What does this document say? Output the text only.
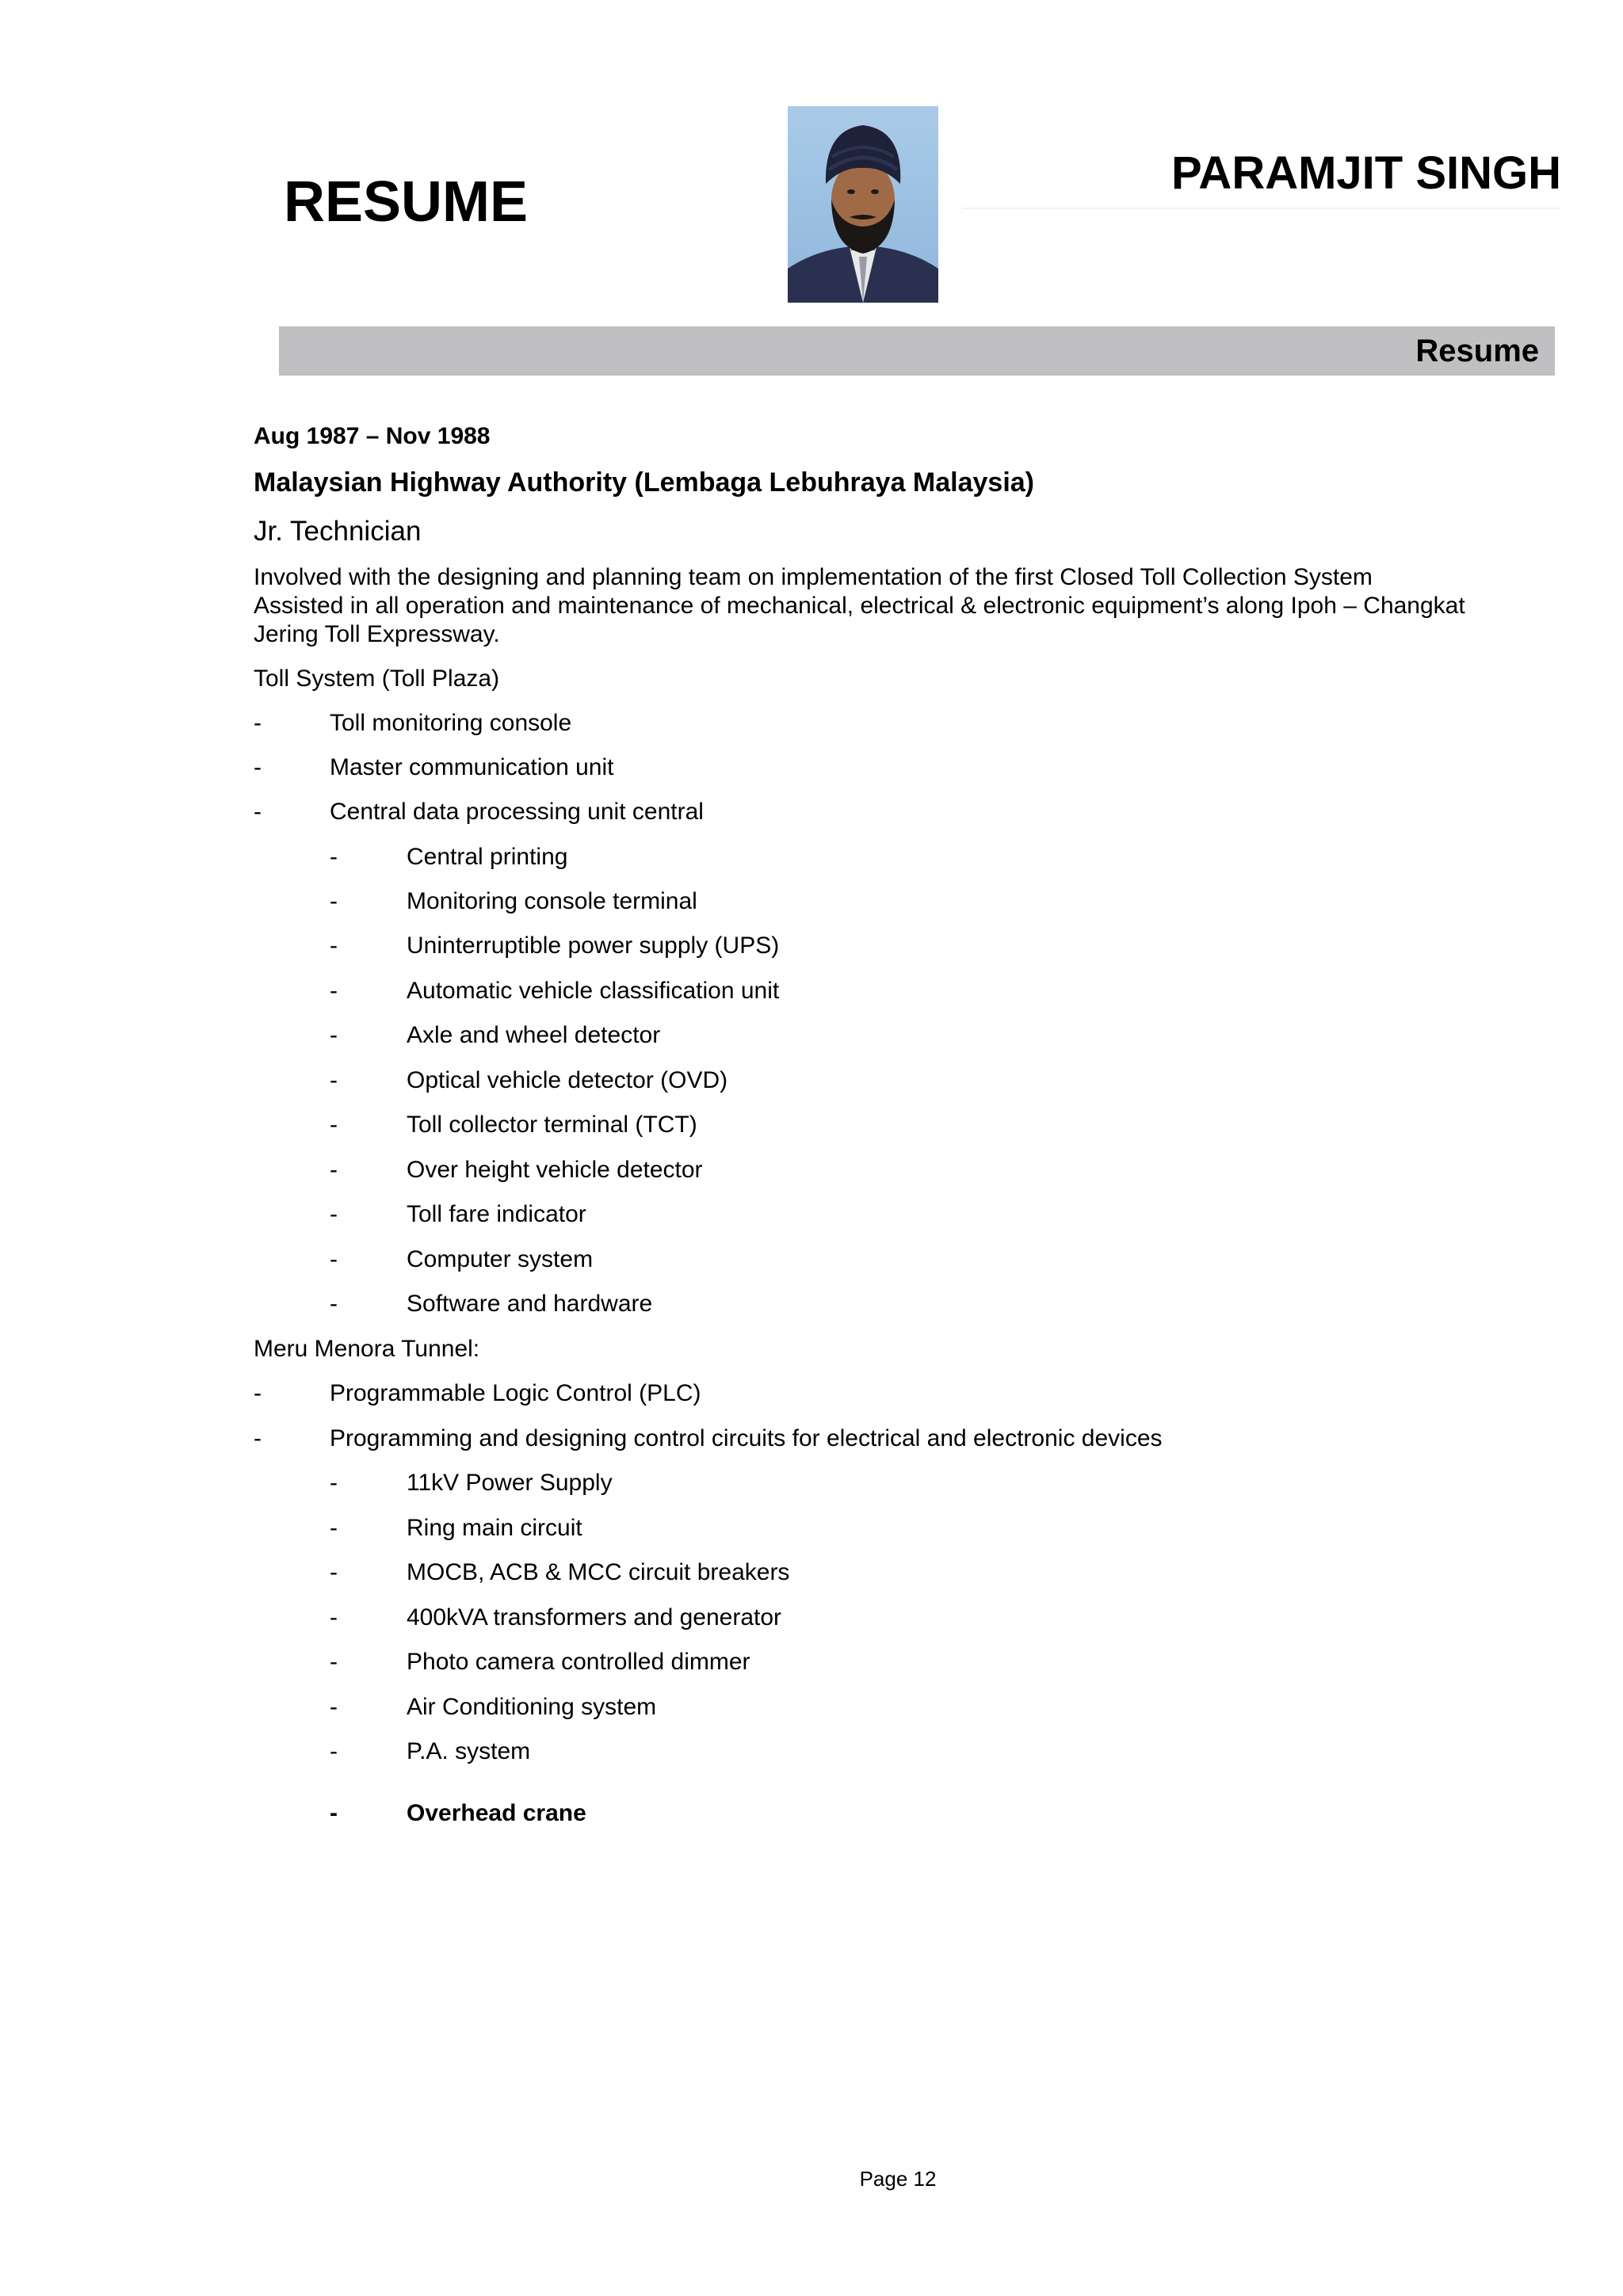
RESUME	PARAMJIT SINGH
Resume
Aug 1987 – Nov 1988
Malaysian Highway Authority (Lembaga Lebuhraya Malaysia)
Jr. Technician
Involved with the designing and planning team on implementation of the first Closed Toll Collection System
Assisted in all operation and maintenance of mechanical, electrical & electronic equipment’s along Ipoh – Changkat
Jering Toll Expressway.
Toll System (Toll Plaza)
-	Toll monitoring console
-	Master communication unit
-	Central data processing unit central
-	Central printing
-	Monitoring console terminal
-	Uninterruptible power supply (UPS)
-	Automatic vehicle classification unit
-	Axle and wheel detector
-	Optical vehicle detector (OVD)
-	Toll collector terminal (TCT)
-	Over height vehicle detector
-	Toll fare indicator
-	Computer system
-	Software and hardware
Meru Menora Tunnel:
-	Programmable Logic Control (PLC)
-	Programming and designing control circuits for electrical and electronic devices
-	11kV Power Supply
-	Ring main circuit
-	MOCB, ACB & MCC circuit breakers
-	400kVA transformers and generator
-	Photo camera controlled dimmer
-	Air Conditioning system
-	P.A. system
-	Overhead crane
Page 12
